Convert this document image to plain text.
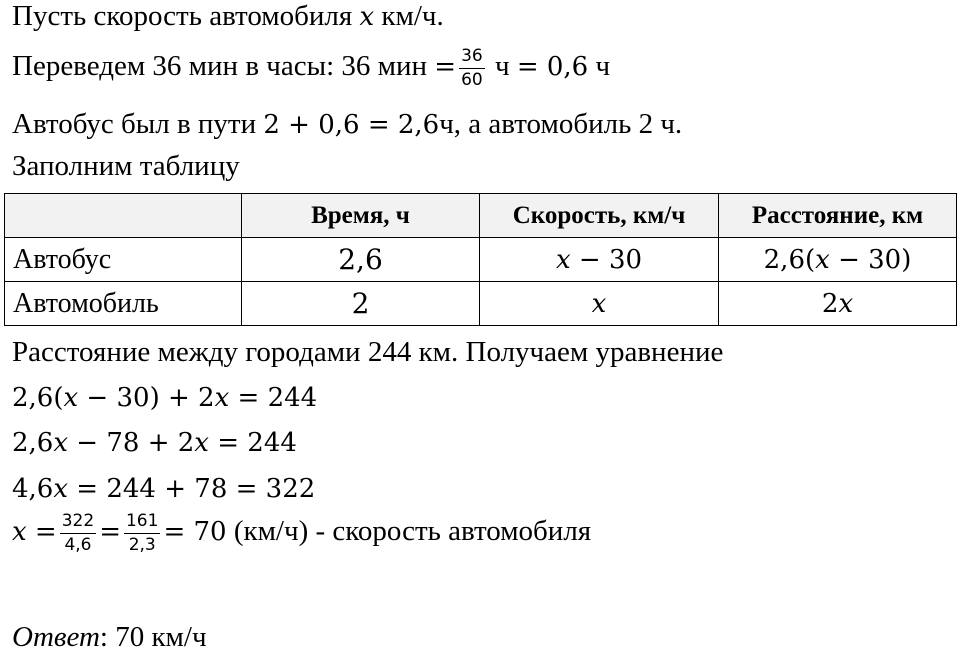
Пусть скорость автомобиля x км/ч.
Переведем 36 мин в часы: 36 мин = $\frac{36}{60}$ ч = 0,6 ч
Автобус был в пути 2 + 0,6 = 2,6ч, а автомобиль 2 ч.
Заполним таблицу
	Время, ч	Скорость, км/ч	Расстояние, км
Автобус	2,6	x − 30	2,6(x − 30)
Автомобиль	2	x	2x
Расстояние между городами 244 км. Получаем уравнение
2,6(x − 30) + 2x = 244
2,6x − 78 + 2x = 244
4,6x = 244 + 78 = 322
$x = \frac{322}{4,6} = \frac{161}{2,3} = 70$ (км/ч) - скорость автомобиля
Ответ: 70 км/ч
